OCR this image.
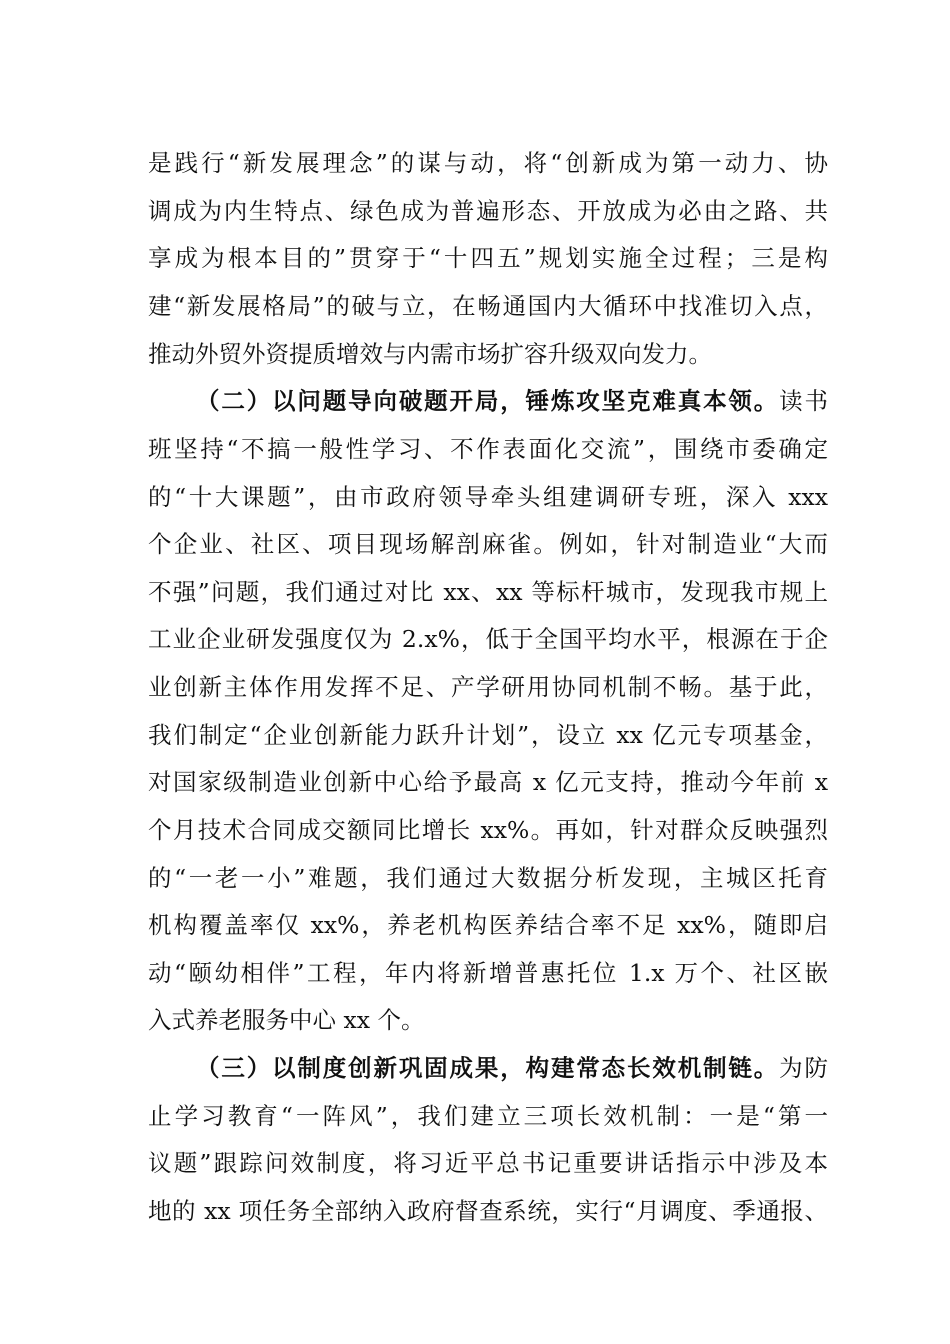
是践行“新发展理念”的谋与动，将“创新成为第一动力、协
调成为内生特点、绿色成为普遍形态、开放成为必由之路、共
享成为根本目的”贯穿于“十四五”规划实施全过程；三是构
建“新发展格局”的破与立，在畅通国内大循环中找准切入点，
推动外贸外资提质增效与内需市场扩容升级双向发力。
（二）以问题导向破题开局，锤炼攻坚克难真本领。读书
班坚持“不搞一般性学习、不作表面化交流”，围绕市委确定
的“十大课题”，由市政府领导牵头组建调研专班，深入 xxx
个企业、社区、项目现场解剖麻雀。例如，针对制造业“大而
不强”问题，我们通过对比 xx、xx 等标杆城市，发现我市规上
工业企业研发强度仅为 2.x%，低于全国平均水平，根源在于企
业创新主体作用发挥不足、产学研用协同机制不畅。基于此，
我们制定“企业创新能力跃升计划”，设立 xx 亿元专项基金，
对国家级制造业创新中心给予最高 x 亿元支持，推动今年前 x
个月技术合同成交额同比增长 xx%。再如，针对群众反映强烈
的“一老一小”难题，我们通过大数据分析发现，主城区托育
机构覆盖率仅 xx%，养老机构医养结合率不足 xx%，随即启
动“颐幼相伴”工程，年内将新增普惠托位 1.x 万个、社区嵌
入式养老服务中心 xx 个。
（三）以制度创新巩固成果，构建常态长效机制链。为防
止学习教育“一阵风”，我们建立三项长效机制：一是“第一
议题”跟踪问效制度，将习近平总书记重要讲话指示中涉及本
地的 xx 项任务全部纳入政府督查系统，实行“月调度、季通报、
